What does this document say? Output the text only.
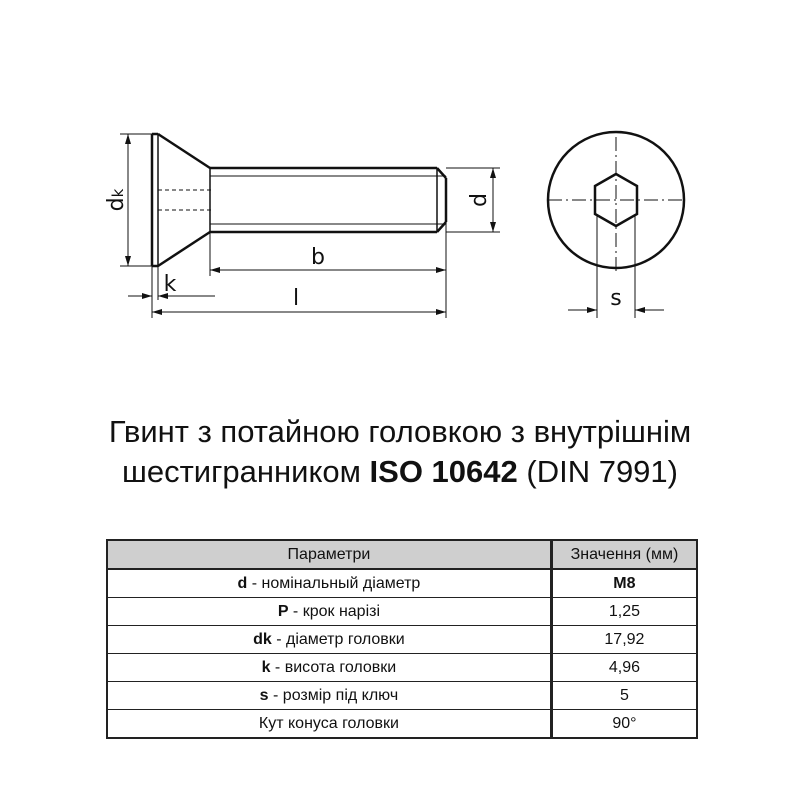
dk	d
k
b
l	s
Гвинт з потайною головкою з внутрішнім
шестигранником ISO 10642 (DIN 7991)
Параметри	Значення (мм)
d - номінальный діаметр	M8
P - крок нарізі	1,25
dk - діаметр головки	17,92
k - висота головки	4,96
s - розмір під ключ	5
Кут конуса головки	90°
